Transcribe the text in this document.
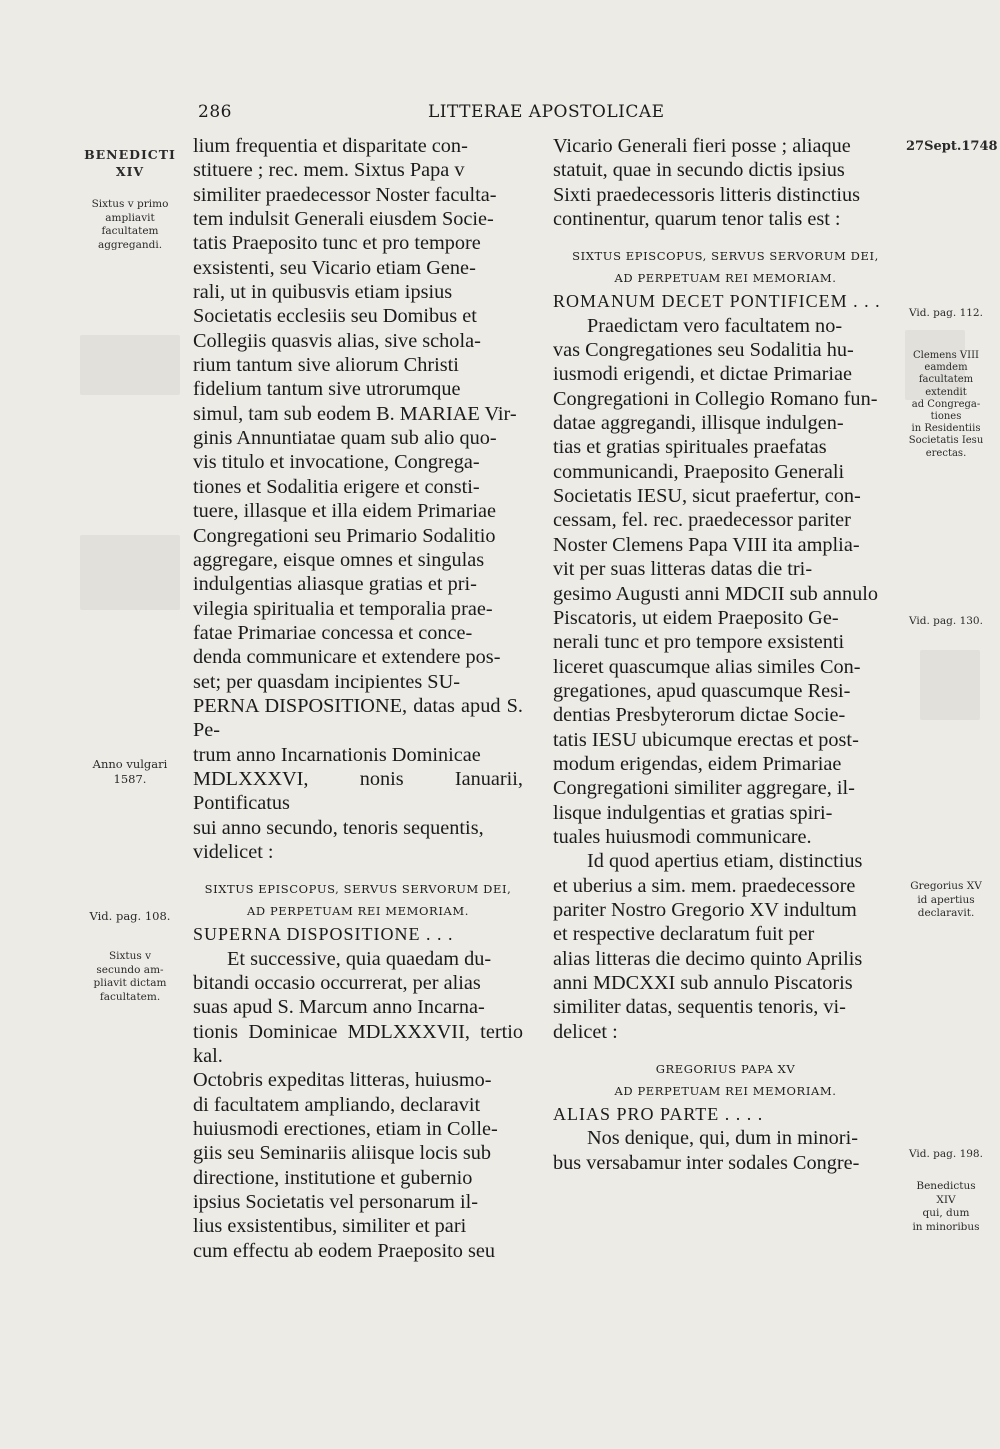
286	LITTERAE APOSTOLICAE
BENEDICTI
XIV
Sixtus v primo
ampliavit
facultatem
aggregandi.
Anno vulgari
1587.
Vid. pag. 108.
Sixtus v
secundo am-
pliavit dictam
facultatem.
27Sept.1748
Vid. pag. 112.
Clemens VIII
eamdem
facultatem
extendit
ad Congrega-
tiones
in Residentiis
Societatis Iesu
erectas.
Vid. pag. 130.
Gregorius XV
id apertius
declaravit.
Vid. pag. 198.
Benedictus XIV
qui, dum
in minoribus

lium frequentia et disparitate con-

stituere ; rec. mem. Sixtus Papa v

similiter praedecessor Noster faculta-

tem indulsit Generali eiusdem Socie-

tatis Praeposito tunc et pro tempore

exsistenti, seu Vicario etiam Gene-

rali, ut in quibusvis etiam ipsius

Societatis ecclesiis seu Domibus et

Collegiis quasvis alias, sive schola-

rium tantum sive aliorum Christi

fidelium tantum sive utrorumque

simul, tam sub eodem B. MARIAE Vir-

ginis Annuntiatae quam sub alio quo-

vis titulo et invocatione, Congrega-

tiones et Sodalitia erigere et consti-

tuere, illasque et illa eidem Primariae

Congregationi seu Primario Sodalitio

aggregare, eisque omnes et singulas

indulgentias aliasque gratias et pri-

vilegia spiritualia et temporalia prae-

fatae Primariae concessa et conce-

denda communicare et extendere pos-

set; per quasdam incipientes SU-

PERNA DISPOSITIONE, datas apud S. Pe-

trum anno Incarnationis Dominicae

MDLXXXVI, nonis Ianuarii, Pontificatus

sui anno secundo, tenoris sequentis,

videlicet :

SIXTUS EPISCOPUS, SERVUS SERVORUM DEI,
AD PERPETUAM REI MEMORIAM.

SUPERNA DISPOSITIONE . . .

Et successive, quia quaedam du-

bitandi occasio occurrerat, per alias

suas apud S. Marcum anno Incarna-

tionis Dominicae MDLXXXVII, tertio kal.

Octobris expeditas litteras, huiusmo-

di facultatem ampliando, declaravit

huiusmodi erectiones, etiam in Colle-

giis seu Seminariis aliisque locis sub

directione, institutione et gubernio

ipsius Societatis vel personarum il-

lius exsistentibus, similiter et pari

cum effectu ab eodem Praeposito seu

Vicario Generali fieri posse ; aliaque

statuit, quae in secundo dictis ipsius

Sixti praedecessoris litteris distinctius

continentur, quarum tenor talis est :

SIXTUS EPISCOPUS, SERVUS SERVORUM DEI,
AD PERPETUAM REI MEMORIAM.

ROMANUM DECET PONTIFICEM . . .

Praedictam vero facultatem no-

vas Congregationes seu Sodalitia hu-

iusmodi erigendi, et dictae Primariae

Congregationi in Collegio Romano fun-

datae aggregandi, illisque indulgen-

tias et gratias spirituales praefatas

communicandi, Praeposito Generali

Societatis IESU, sicut praefertur, con-

cessam, fel. rec. praedecessor pariter

Noster Clemens Papa VIII ita amplia-

vit per suas litteras datas die tri-

gesimo Augusti anni MDCII sub annulo

Piscatoris, ut eidem Praeposito Ge-

nerali tunc et pro tempore exsistenti

liceret quascumque alias similes Con-

gregationes, apud quascumque Resi-

dentias Presbyterorum dictae Socie-

tatis IESU ubicumque erectas et post-

modum erigendas, eidem Primariae

Congregationi similiter aggregare, il-

lisque indulgentias et gratias spiri-

tuales huiusmodi communicare.

Id quod apertius etiam, distinctius

et uberius a sim. mem. praedecessore

pariter Nostro Gregorio XV indultum

et respective declaratum fuit per

alias litteras die decimo quinto Aprilis

anni MDCXXI sub annulo Piscatoris

similiter datas, sequentis tenoris, vi-

delicet :

GREGORIUS PAPA XV
AD PERPETUAM REI MEMORIAM.

ALIAS PRO PARTE . . . .

Nos denique, qui, dum in minori-

bus versabamur inter sodales Congre-
